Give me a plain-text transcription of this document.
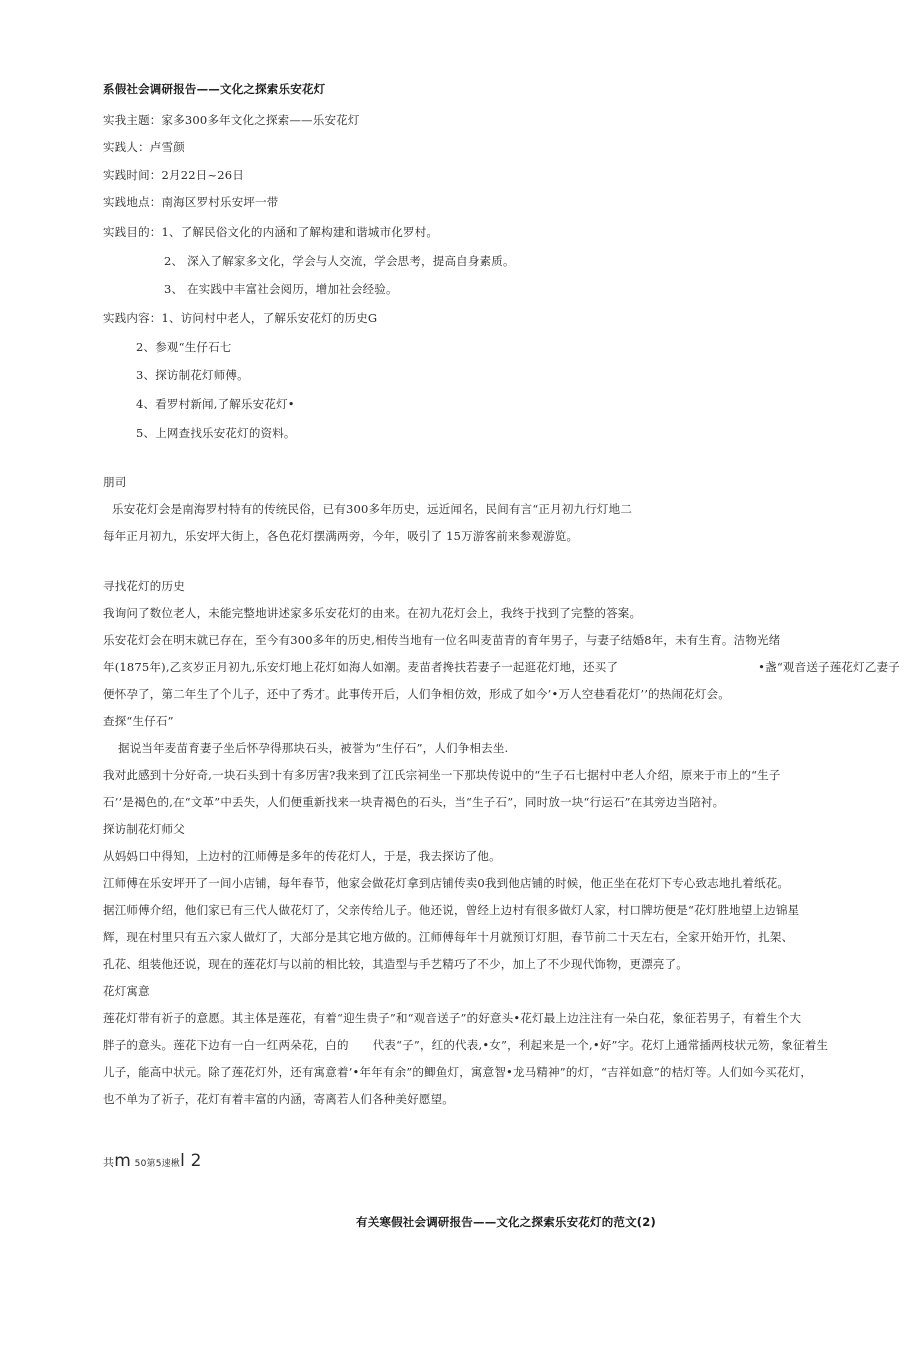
系假社会调研报告——文化之探索乐安花灯
实我主题：家多300多年文化之探索——乐安花灯
实践人：卢雪颜
实践时间：2月22日~26日
实践地点：南海区罗村乐安坪一带
实践目的：1、了解民俗文化的内涵和了解构建和谐城市化罗村。
2、 深入了解家多文化，学会与人交流，学会思考，提高自身素质。
3、 在实践中丰富社会阅历，增加社会经验。
实践内容：1、访问村中老人，了解乐安花灯的历史G
2、参观“生仔石七
3、探访制花灯师傅。
4、看罗村新闻,了解乐安花灯•
5、上网查找乐安花灯的资料。
朋司
乐安花灯会是南海罗村特有的传统民俗，已有300多年历史，远近闻名，民间有言“正月初九行灯地二
每年正月初九，乐安坪大街上，各色花灯摆满两旁，今年，吸引了 15万游客前来参观游览。
寻找花灯的历史
我询问了数位老人，未能完整地讲述家多乐安花灯的由来。在初九花灯会上，我终于找到了完整的答案。
乐安花灯会在明末就已存在，至今有300多年的历史,相传当地有一位名叫麦苗青的育年男子，与妻子结婚8年，未有生育。洁物光绪
年(1875年),乙亥岁正月初九,乐安灯地上花灯如海人如潮。麦苗者搀扶若妻子一起逛花灯地，还买了	•盏“观音送子莲花灯乙妻子
便怀孕了，第二年生了个儿子，还中了秀才。此事传开后，人们争相仿效，形成了如今’•万人空巷看花灯’’的热闹花灯会。
查探“生仔石”
据说当年麦苗育妻子坐后怀孕得那块石头，被誉为“生仔石”，人们争相去坐.
我对此感到十分好奇,一块石头到十有多厉害?我来到了江氏宗祠坐一下那块传说中的“生子石七据村中老人介绍，原来于市上的“生子
石’’是褐色的,在“文革”中丢失，人们便重新找来一块青褐色的石头，当“生子石”，同时放一块“行运石”在其旁边当陪衬。
探访制花灯师父
从妈妈口中得知，上边村的江师傅是多年的传花灯人，于是，我去探访了他。
江师傅在乐安坪开了一间小店铺，每年春节，他家会做花灯拿到店铺传卖0我到他店铺的时候，他正坐在花灯下专心致志地扎着纸花。
据江师傅介绍，他们家已有三代人做花灯了，父亲传给儿子。他还说，曾经上边村有很多做灯人家，村口牌坊便是“花灯胜地望上边锦星
辉，现在村里只有五六家人做灯了，大部分是其它地方做的。江师傅每年十月就预订灯胆，春节前二十天左右，全家开始开竹，扎架、
孔花、组装他还说，现在的莲花灯与以前的相比较，其造型与手艺精巧了不少，加上了不少现代饰物，更漂亮了。
花灯寓意
莲花灯带有祈子的意愿。其主体是莲花，有着“迎生贵子”和“观音送子”的好意头•花灯最上边注注有一朵白花，象征若男子，有着生个大
胖子的意头。莲花下边有一白一红两朵花，白的 代表“子”，红的代表,•女”，利起来是一个,•好”字。花灯上通常插两枝状元笏，象征着生
儿子，能高中状元。除了莲花灯外，还有寓意着’•年年有余”的鲫鱼灯，寓意智•龙马精神”的灯，“吉祥如意”的桔灯等。人们如今买花灯，
也不单为了祈子，花灯有着丰富的内涵，寄离若人们各种美好愿望。
共m 50第5速楸l 2
有关寒假社会调研报告——文化之探索乐安花灯的范文(2)
